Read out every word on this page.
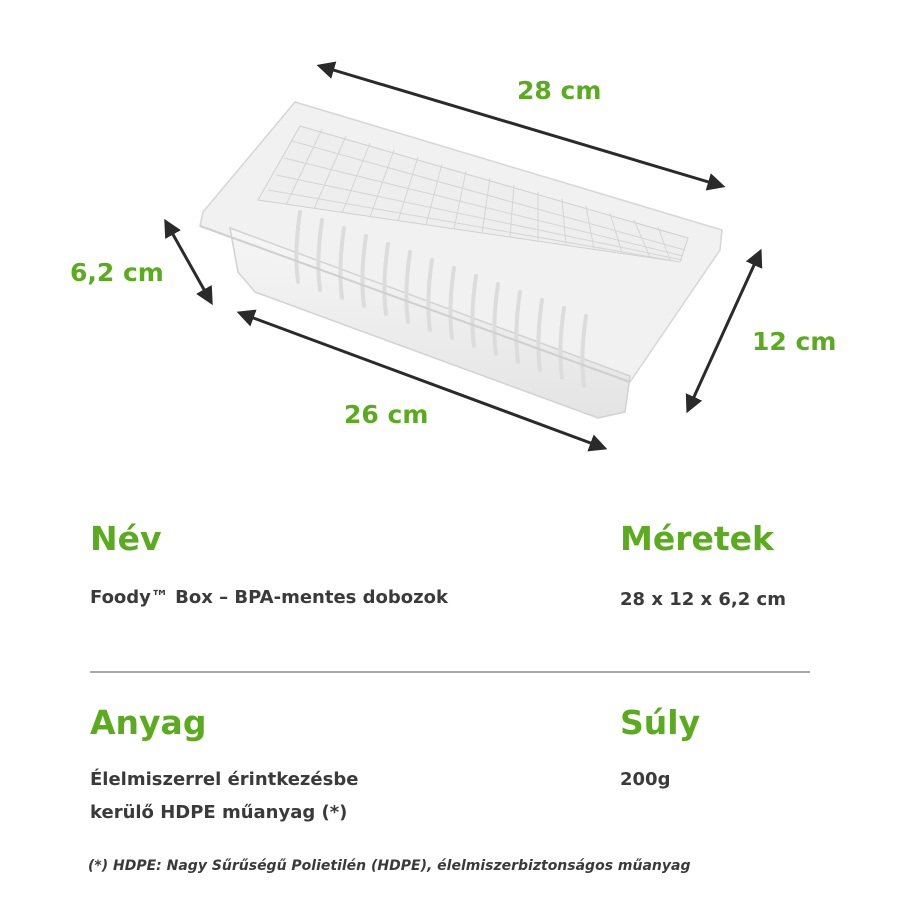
28 cm
6,2 cm
26 cm
12 cm
Név

Foody™ Box – BPA-mentes dobozok

Méretek

28 x 12 x 6,2 cm

Anyag

Élelmiszerrel érintkezésbe

kerülő HDPE műanyag (*)

Súly

200g

(*) HDPE: Nagy Sűrűségű Polietilén (HDPE), élelmiszerbiztonságos műanyag
